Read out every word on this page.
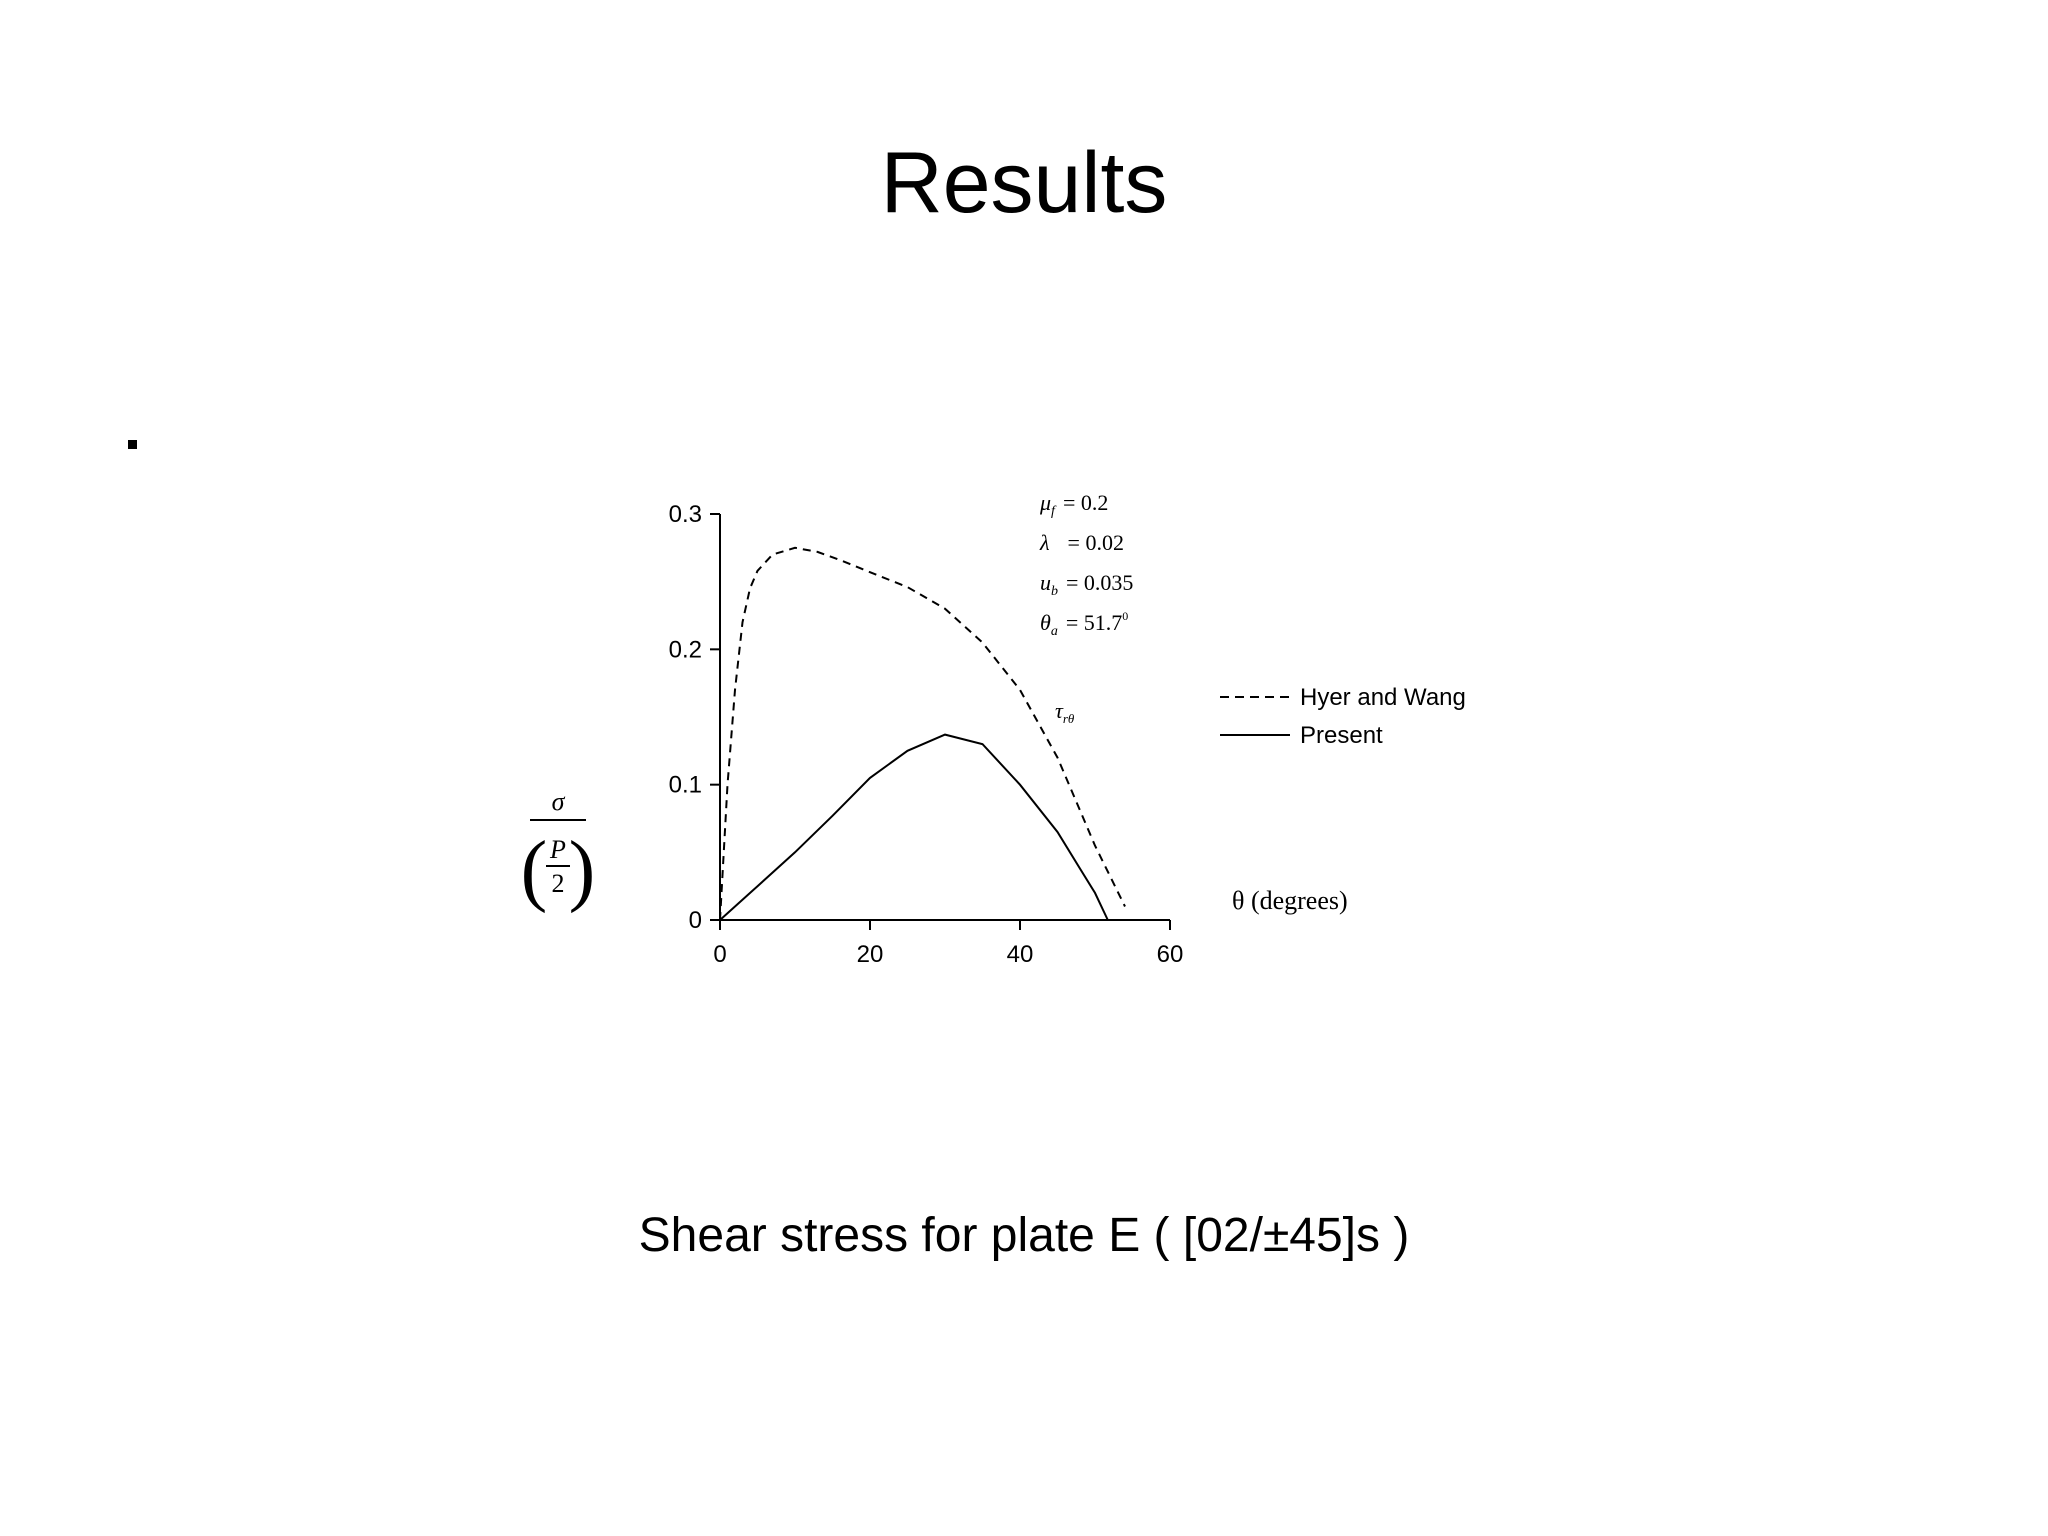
Results
0	20	40	60
0
0.1
0.2
0.3	$\mu_f = 0.2$
λ = 0.02
$u_b = 0.035$
$\theta_a = 51.7^0$
$\tau_{r\theta}$
Hyer and Wang
Present
θ (degrees)
σ
( P
2 )
Shear stress for plate E ( [02/±45]s )
